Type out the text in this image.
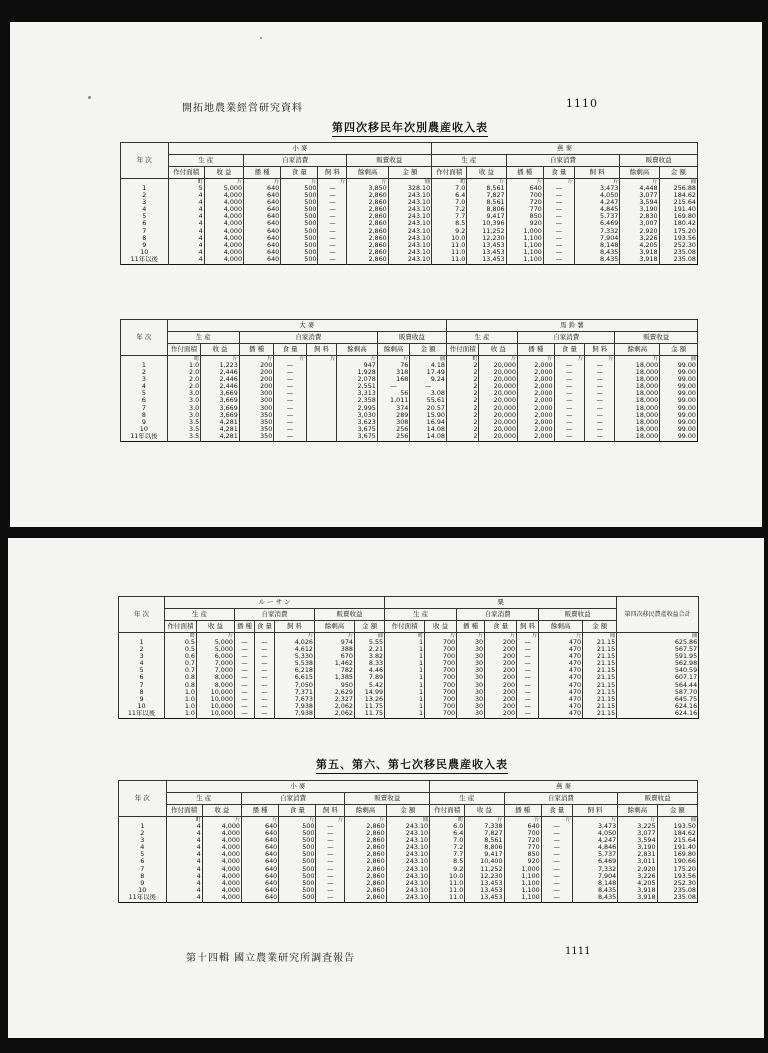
開拓地農業經営研究資料	1110
第四次移民年次別農産收入表
年 次	小 麥							燕 麥						
	生 産		自家消費			販賣收益		生 産		自家消費			販賣收益	
	作付面積	收 益	播 種	食 量	飼 料	餘剩高	金 額	作付面積	收 益	播 種	食 量	飼 料	餘剩高	金 額
	町	斤	斤	斤	斤	斤	圓	町	斤	斤	斤	斤	斤	圓
1	5	5,000	640	500	—	3,850	328.10	7.0	8,561	640	—	3,473	4,448	256.88
2	4	4,000	640	500	—	2,860	243.10	6.4	7,827	700	—	4,050	3,077	184.62
3	4	4,000	640	500	—	2,860	243.10	7.0	8,561	720	—	4,247	3,594	215.64
4	4	4,000	640	500	—	2,860	243.10	7.2	8,806	770	—	4,845	3,190	191.40
5	4	4,000	640	500	—	2,860	243.10	7.7	9,417	850	—	5,737	2,830	169.80
6	4	4,000	640	500	—	2,860	243.10	8.5	10,396	920	—	6,469	3,007	180.42
7	4	4,000	640	500	—	2,860	243.10	9.2	11,252	1,000	—	7,332	2,920	175.20
8	4	4,000	640	500	—	2,860	243.10	10.0	12,230	1,100	—	7,904	3,226	193.56
9	4	4,000	640	500	—	2,860	243.10	11.0	13,453	1,100	—	8,148	4,205	252.30
10	4	4,000	640	500	—	2,860	243.10	11.0	13,453	1,100	—	8,435	3,918	235.08
11年以後	4	4,000	640	500	—	2,860	243.10	11.0	13,453	1,100	—	8,435	3,918	235.08
年 次	大 麥								馬 鈴 薯						
	生 産		自家消費				販賣收益		生 産		自家消費			販賣收益	
	作付面積	收 益	播 種	食 量	飼 料	餘剩高	餘剩高	金 額	作付面積	收 益	播 種	食 量	飼 料	餘剩高	金 額
	町	斤	斤	斤	斤	斤	斤	圓	町	斤	斤	斤	斤	斤	圓
1	1.0	1,223	200	—		947	76	4.18	2	20,000	2,000	—	—	18,000	99.00
2	2.0	2,446	200	—		1,928	318	17.49	2	20,000	2,000	—	—	18,000	99.00
3	2.0	2,446	200	—		2,078	168	9.24	2	20,000	2,000	—	—	18,000	99.00
4	2.0	2,446	200	—		2,551	—	—	2	20,000	2,000	—	—	18,000	99.00
5	3.0	3,669	300	—		3,313	56	3.08	2	20,000	2,000	—	—	18,000	99.00
6	3.0	3,669	300	—		2,358	1,011	55.61	2	20,000	2,000	—	—	18,000	99.00
7	3.0	3,669	300	—		2,995	374	20.57	2	20,000	2,000	—	—	18,000	99.00
8	3.0	3,669	350	—		3,030	289	15.90	2	20,000	2,000	—	—	18,000	99.00
9	3.5	4,281	350	—		3,623	308	16.94	2	20,000	2,000	—	—	18,000	99.00
10	3.5	4,281	350	—		3,675	256	14.08	2	20,000	2,000	—	—	18,000	99.00
11年以後	3.5	4,281	350	—		3,675	256	14.08	2	20,000	2,000	—	—	18,000	99.00
年 次	ル ー サ ン							粟							第四次移民農產收益合計
	生 産		自家消費			販賣收益		生 産		自家消費			販賣收益		
	作付面積	收 益	播 種	食 量	飼 料	餘剩高	金 額	作付面積	收 益	播 種	食 量	飼 料	餘剩高	金 額	
	町	斤			斤	斤	圓	町	斤	斤	斤	斤	斤	圓	圓
1	0.5	5,000	—	—	4,026	974	5.55	1	700	30	200	—	470	21.15	625.86
2	0.5	5,000	—	—	4,612	388	2.21	1	700	30	200	—	470	21.15	567.57
3	0.6	6,000	—	—	5,330	670	3.82	1	700	30	200	—	470	21.15	591.95
4	0.7	7,000	—	—	5,538	1,462	8.33	1	700	30	200	—	470	21.15	562.98
5	0.7	7,000	—	—	6,218	782	4.46	1	700	30	200	—	470	21.15	540.59
6	0.8	8,000	—	—	6,615	1,385	7.89	1	700	30	200	—	470	21.15	607.17
7	0.8	8,000	—	—	7,050	950	5.42	1	700	30	200	—	470	21.15	564.44
8	1.0	10,000	—	—	7,371	2,629	14.99	1	700	30	200	—	470	21.15	587.70
9	1.0	10,000	—	—	7,673	2,327	13.26	1	700	30	200	—	470	21.15	645.75
10	1.0	10,000	—	—	7,938	2,062	11.75	1	700	30	200	—	470	21.15	624.16
11年以後	1.0	10,000	—	—	7,938	2,062	11.75	1	700	30	200	—	470	21.15	624.16
第五、第六、第七次移民農産收入表
年 次	小 麥							燕 麥						
	生 産		自家消費			販賣收益		生 産		自家消費			販賣收益	
	作付面積	收 益	播 種	食 量	飼 料	餘剩高	金 額	作付面積	收 益	播 種	食 量	飼 料	餘剩高	金 額
	町	斤	斤	斤	斤	斤	圓	町	斤	斤	斤	斤	斤	圓
1	4	4,000	640	500	—	2,860	243.10	6.0	7,338	640	—	3,473	3,225	193.50
2	4	4,000	640	500	—	2,860	243.10	6.4	7,827	700	—	4,050	3,077	184.62
3	4	4,000	640	500	—	2,860	243.10	7.0	8,561	720	—	4,247	3,594	215.64
4	4	4,000	640	500	—	2,860	243.10	7.2	8,806	770	—	4,846	3,190	191.40
5	4	4,000	640	500	—	2,860	243.10	7.7	9,417	850	—	5,737	2,831	169.80
6	4	4,000	640	500	—	2,860	243.10	8.5	10,400	920	—	6,469	3,011	190.66
7	4	4,000	640	500	—	2,860	243.10	9.2	11,252	1,000	—	7,332	2,920	175.20
8	4	4,000	640	500	—	2,860	243.10	10.0	12,230	1,100	—	7,904	3,226	193.56
9	4	4,000	640	500	—	2,860	243.10	11.0	13,453	1,100	—	8,148	4,205	252.30
10	4	4,000	640	500	—	2,860	243.10	11.0	13,453	1,100	—	8,435	3,918	235.08
11年以後	4	4,000	640	500	—	2,860	243.10	11.0	13,453	1,100	—	8,435	3,918	235.08
第十四輯 國立農業研究所調査報告
1111
